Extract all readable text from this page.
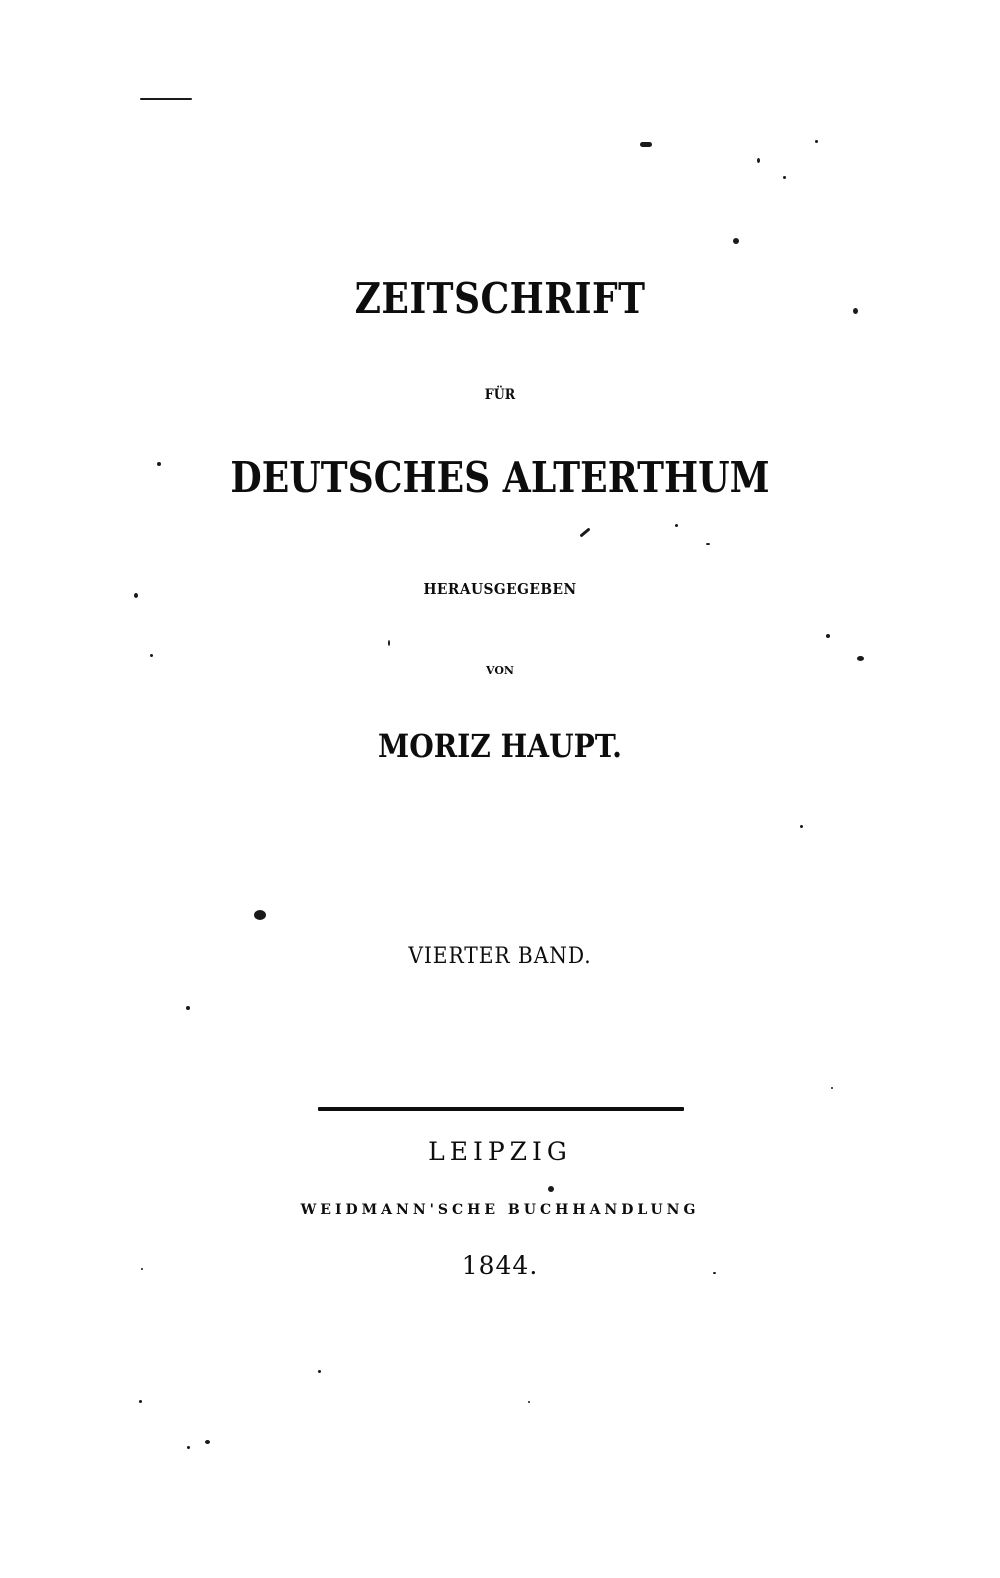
ZEITSCHRIFT
FÜR
DEUTSCHES ALTERTHUM
HERAUSGEGEBEN
VON
MORIZ HAUPT.
VIERTER BAND.
LEIPZIG
WEIDMANN'SCHE BUCHHANDLUNG
1844.
